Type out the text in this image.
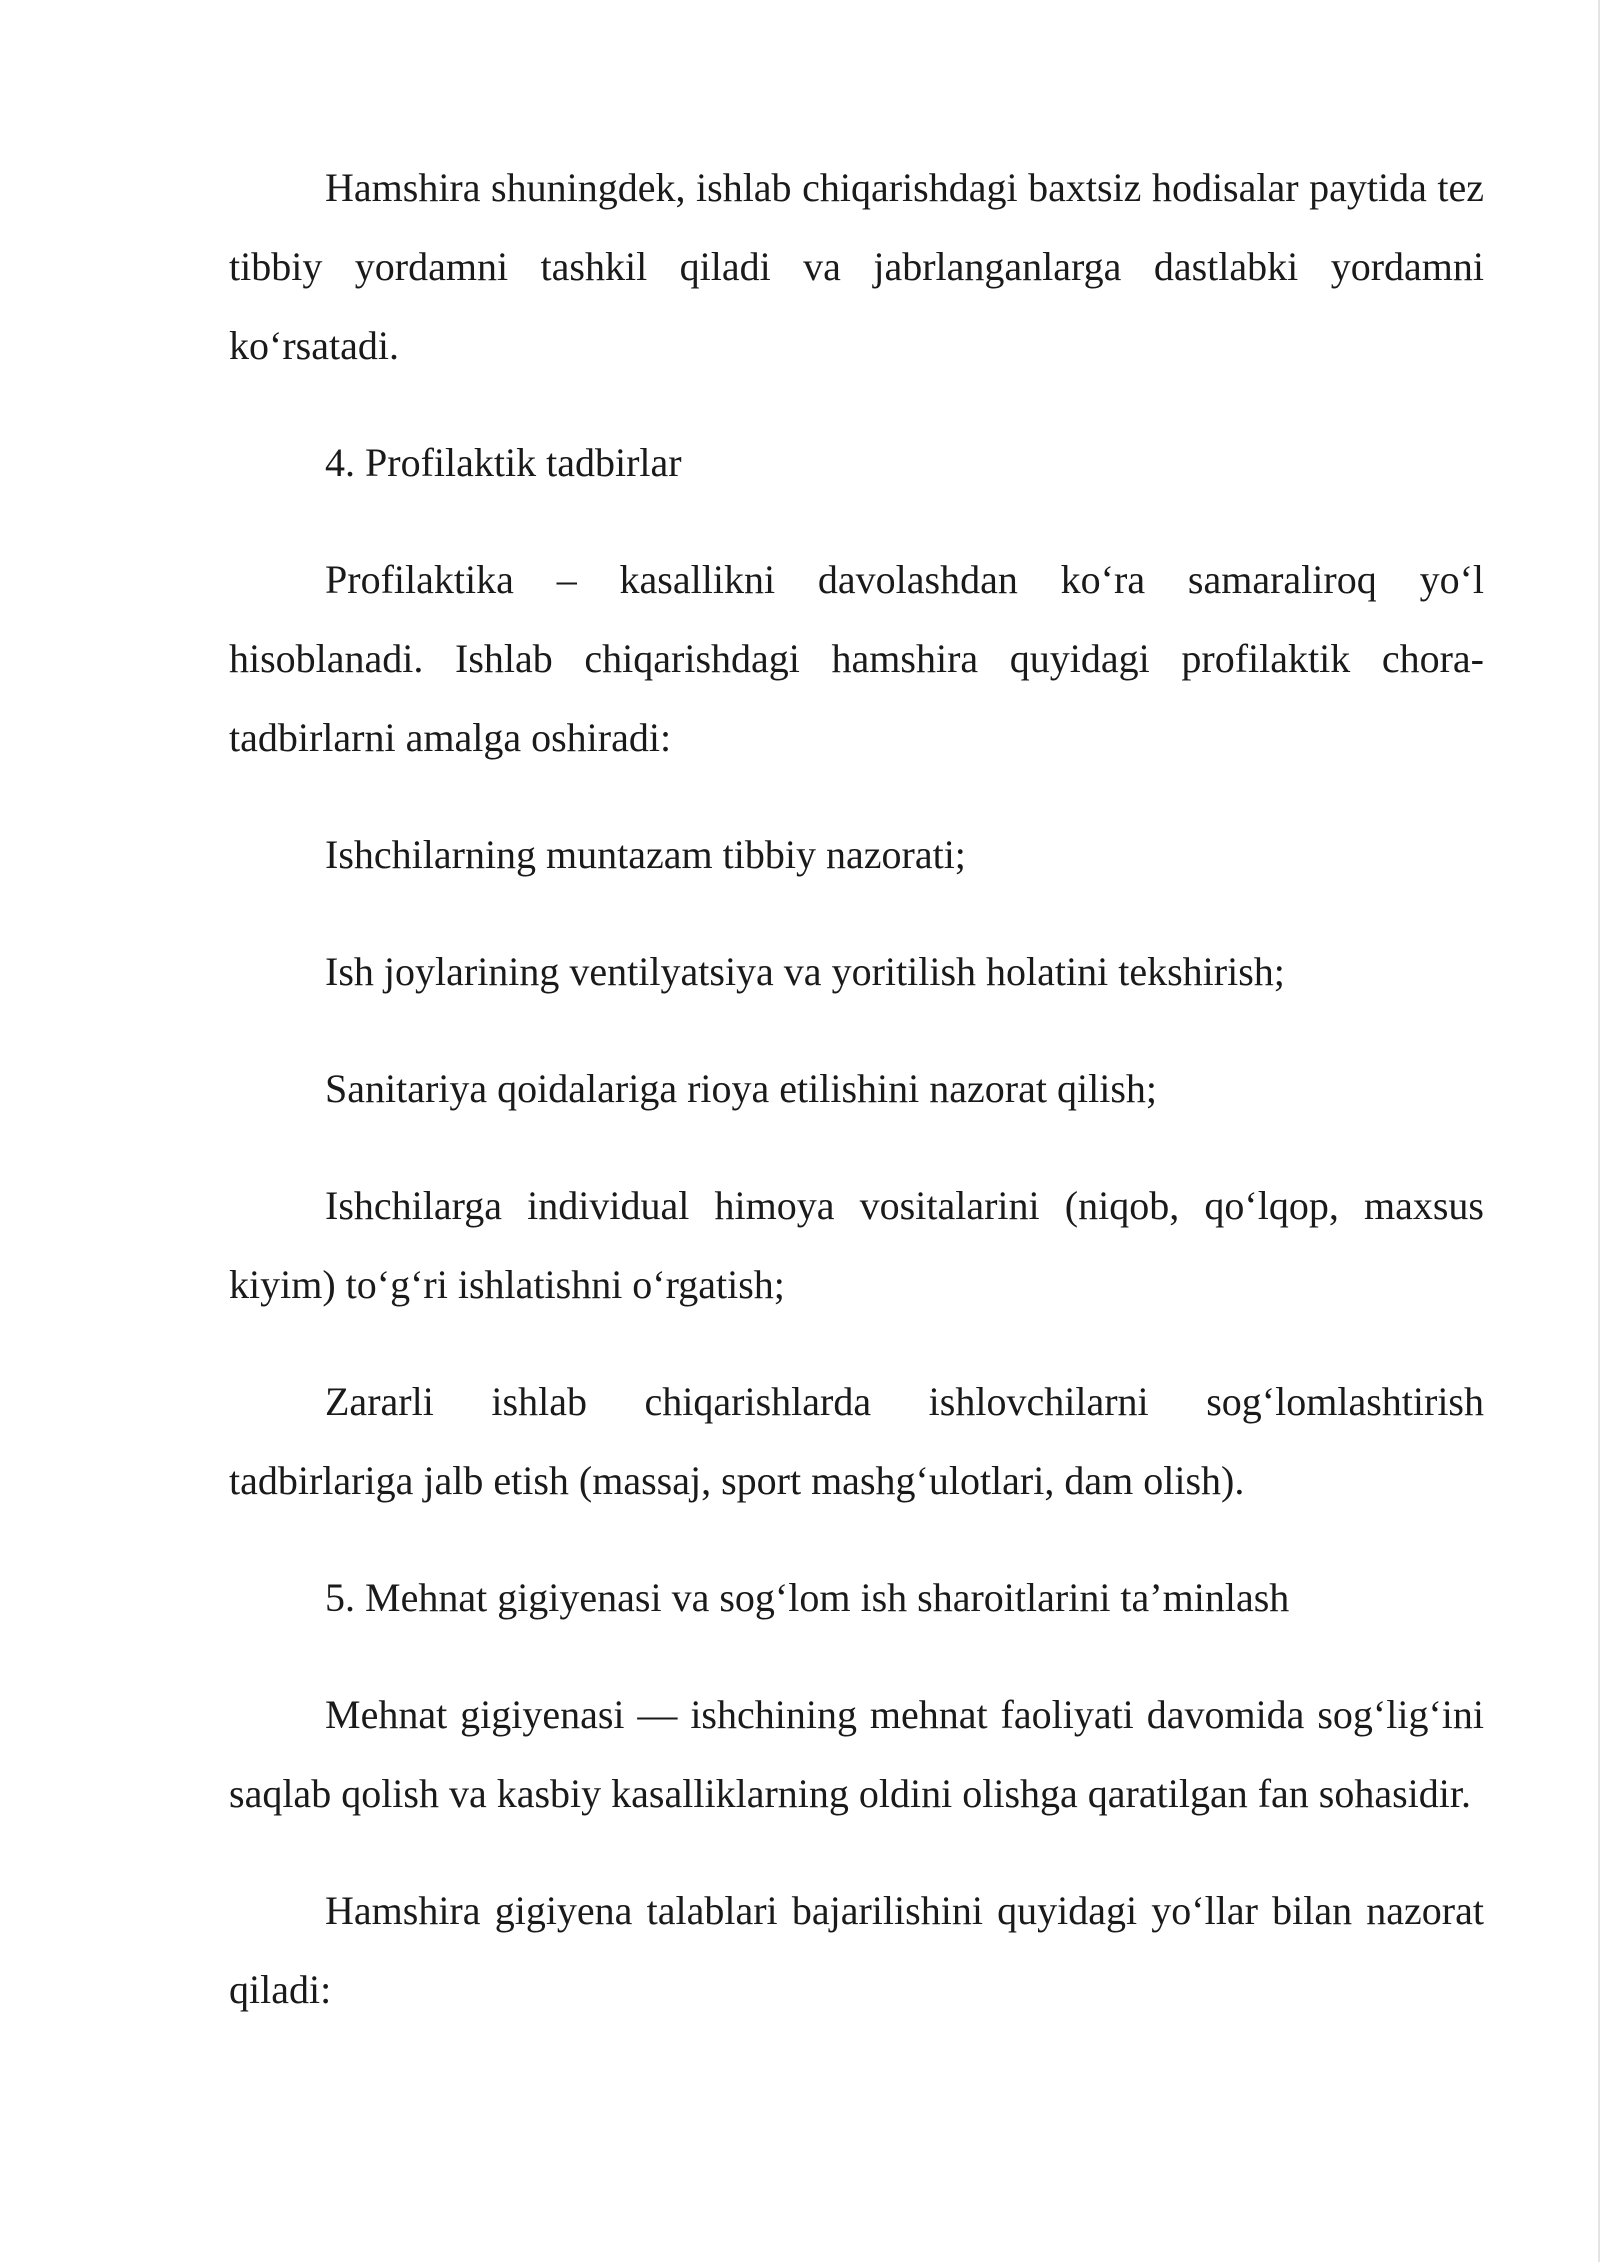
Hamshira shuningdek, ishlab chiqarishdagi baxtsiz hodisalar paytida tez tibbiy yordamni tashkil qiladi va jabrlanganlarga dastlabki yordamni ko‘rsatadi.

4. Profilaktik tadbirlar

Profilaktika – kasallikni davolashdan ko‘ra samaraliroq yo‘l hisoblanadi. Ishlab chiqarishdagi hamshira quyidagi profilaktik chora-tadbirlarni amalga oshiradi:

Ishchilarning muntazam tibbiy nazorati;

Ish joylarining ventilyatsiya va yoritilish holatini tekshirish;

Sanitariya qoidalariga rioya etilishini nazorat qilish;

Ishchilarga individual himoya vositalarini (niqob, qo‘lqop, maxsus kiyim) to‘g‘ri ishlatishni o‘rgatish;

Zararli ishlab chiqarishlarda ishlovchilarni sog‘lomlashtirish tadbirlariga jalb etish (massaj, sport mashg‘ulotlari, dam olish).

5. Mehnat gigiyenasi va sog‘lom ish sharoitlarini ta’minlash

Mehnat gigiyenasi — ishchining mehnat faoliyati davomida sog‘lig‘ini saqlab qolish va kasbiy kasalliklarning oldini olishga qaratilgan fan sohasidir.

Hamshira gigiyena talablari bajarilishini quyidagi yo‘llar bilan nazorat qiladi:
